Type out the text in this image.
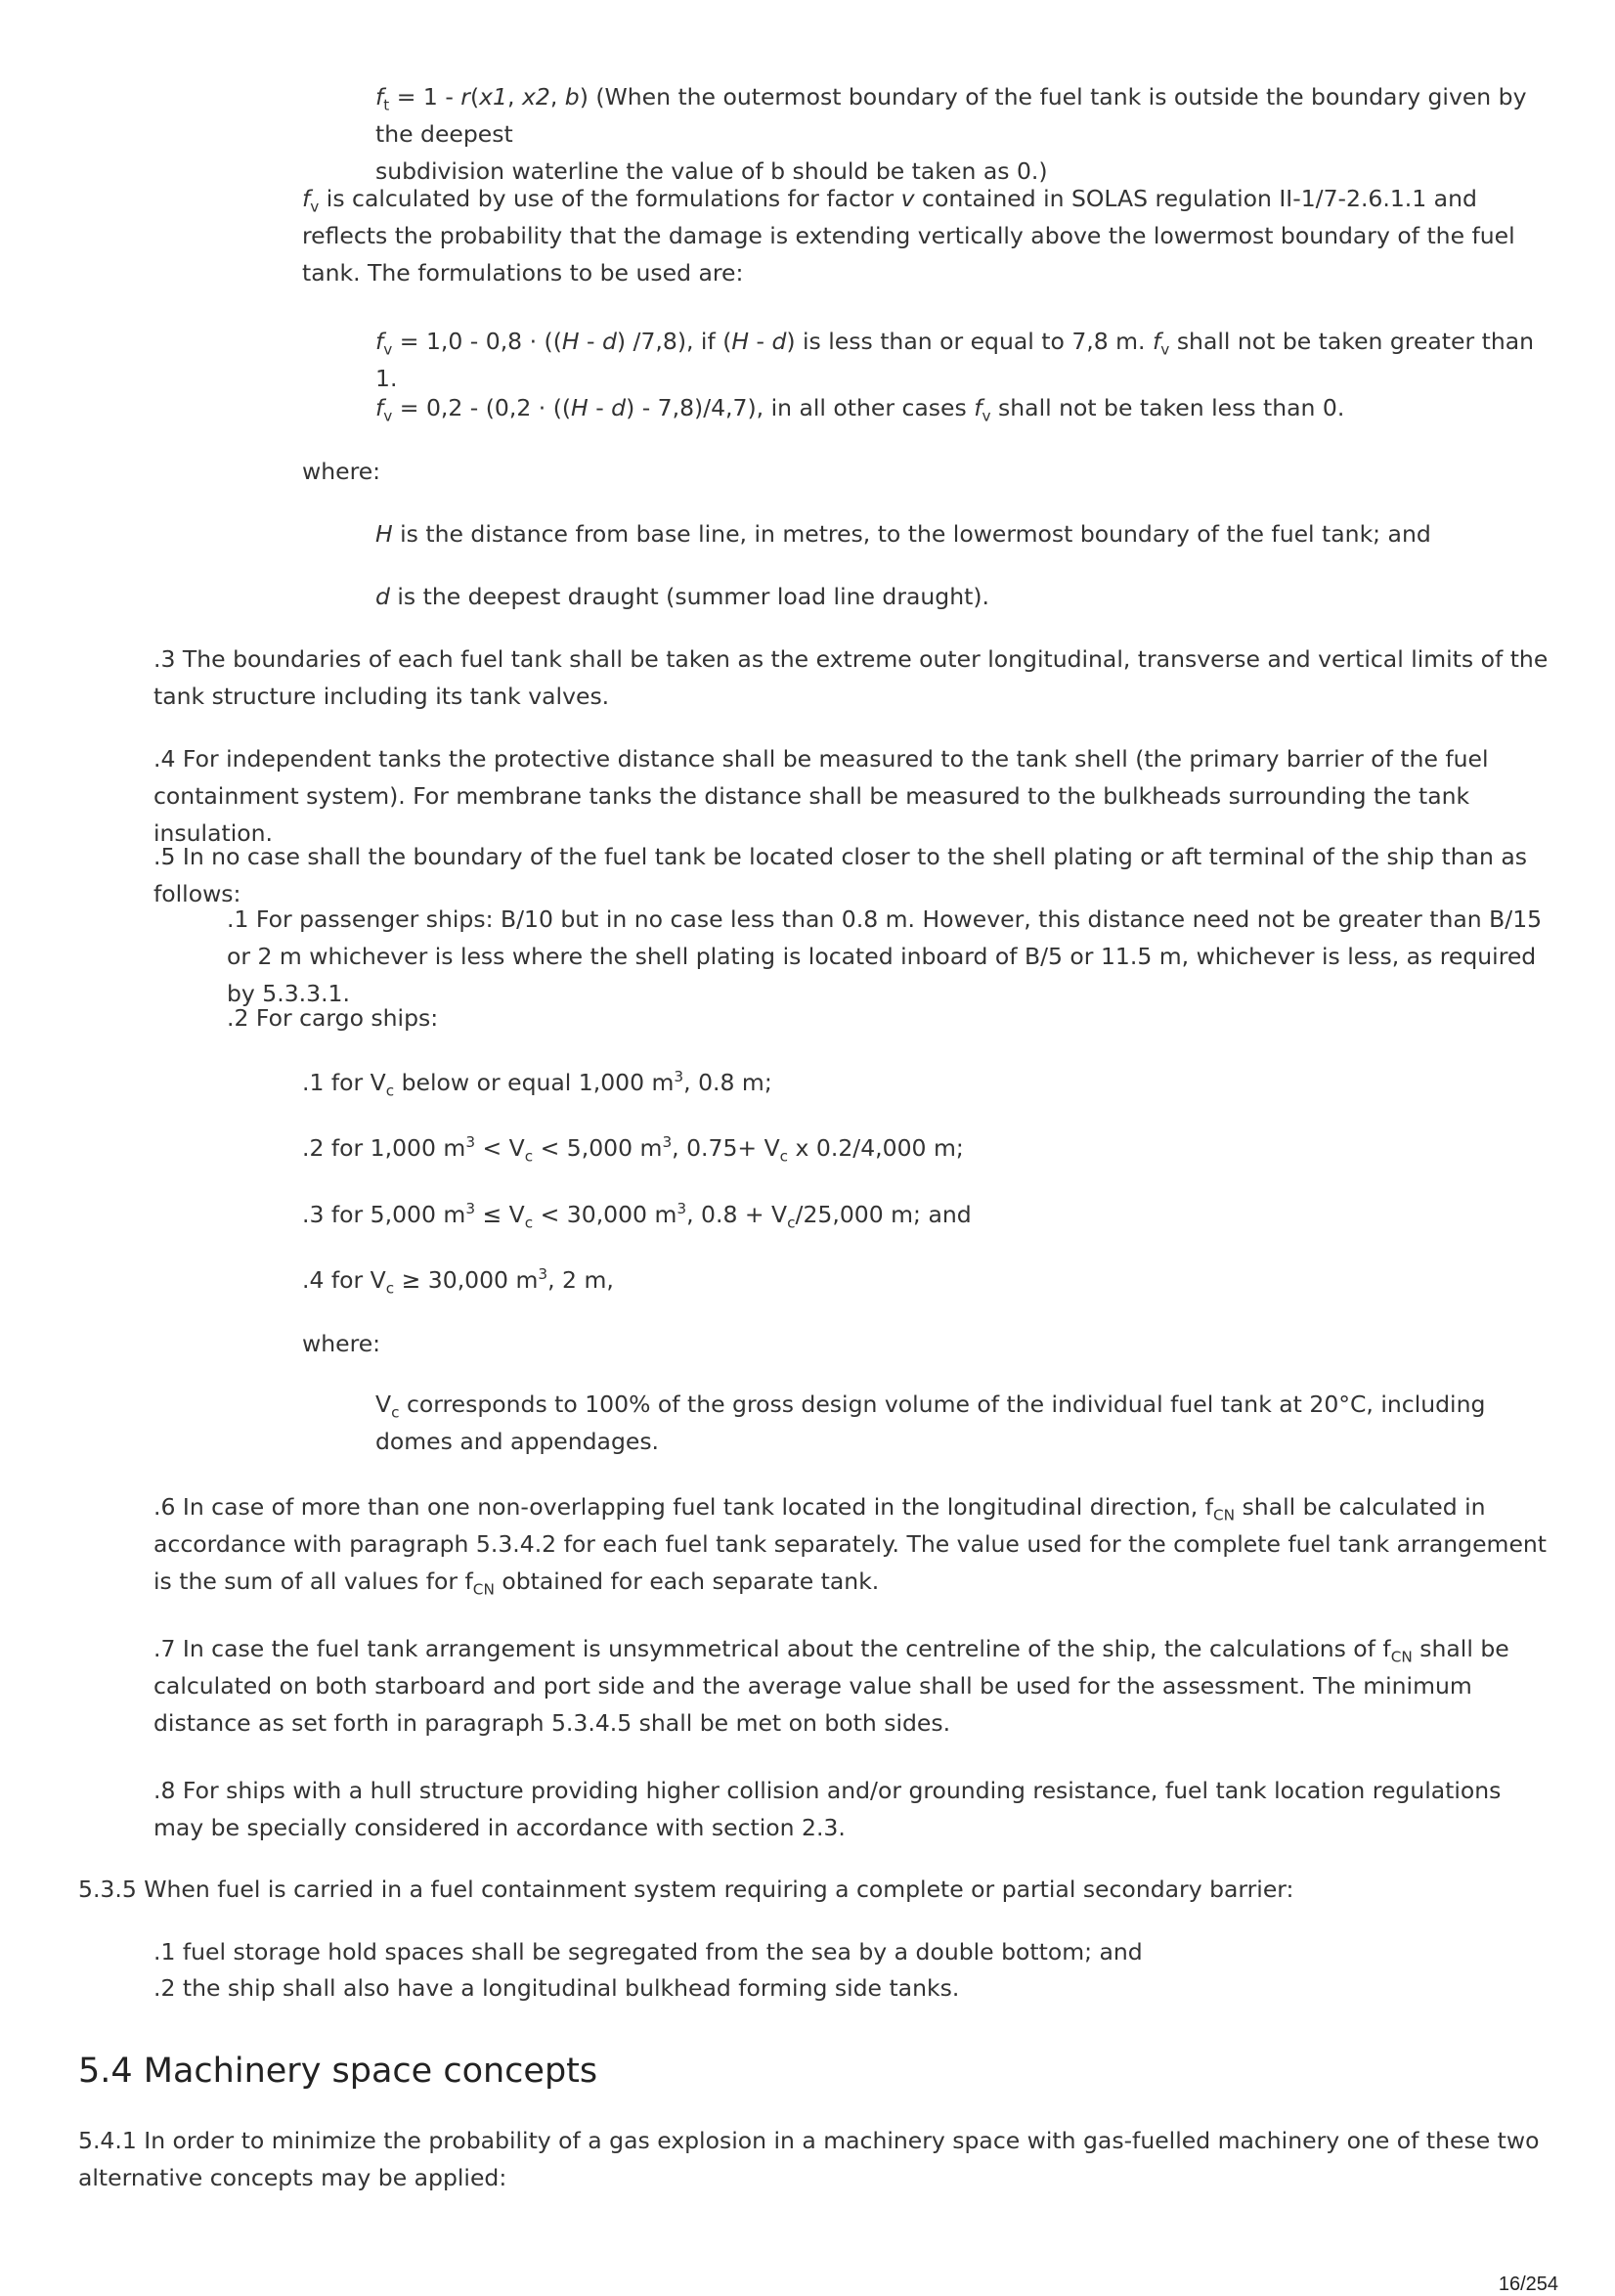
$f_t = 1 - r(x1$, x2, b) (When the outermost boundary of the fuel tank is outside the boundary given by the deepest
subdivision waterline the value of b should be taken as 0.)

$f_v$ is calculated by use of the formulations for factor v contained in SOLAS regulation II-1/7-2.6.1.1 and reflects the probability that the damage is extending vertically above the lowermost boundary of the fuel tank. The formulations to be used are:

$f_v = 1,0 - 0,8 \cdot ((H - d)$ /7,8), if (H - d) is less than or equal to 7,8 m. $f_v$ shall not be taken greater than 1.

$f_v = 0,2 - (0,2 \cdot ((H - d) - 7,8)/4,7)$, in all other cases $f_v$ shall not be taken less than 0.

where:

H is the distance from base line, in metres, to the lowermost boundary of the fuel tank; and

d is the deepest draught (summer load line draught).

.3 The boundaries of each fuel tank shall be taken as the extreme outer longitudinal, transverse and vertical limits of the tank structure including its tank valves.

.4 For independent tanks the protective distance shall be measured to the tank shell (the primary barrier of the fuel containment system). For membrane tanks the distance shall be measured to the bulkheads surrounding the tank insulation.

.5 In no case shall the boundary of the fuel tank be located closer to the shell plating or aft terminal of the ship than as follows:

.1 For passenger ships: B/10 but in no case less than 0.8 m. However, this distance need not be greater than B/15 or 2 m whichever is less where the shell plating is located inboard of B/5 or 11.5 m, whichever is less, as required by 5.3.3.1.

.2 For cargo ships:

.1 for $V_c$ below or equal 1,000 $m^3$, 0.8 m;

.2 for 1,000 $m^3 < V_c < 5,000$ $m^3$, $0.75+ V_c$ x 0.2/4,000 m;

.3 for 5,000 $m^3 \le V_c < 30,000$ $m^3$, $0.8 + V_c/25,000$ m; and

.4 for $V_c \ge 30,000$ $m^3$, 2 m,

where:

$V_c$ corresponds to 100% of the gross design volume of the individual fuel tank at 20°C, including domes and appendages.

.6 In case of more than one non-overlapping fuel tank located in the longitudinal direction, $f_{CN}$ shall be calculated in accordance with paragraph 5.3.4.2 for each fuel tank separately. The value used for the complete fuel tank arrangement is the sum of all values for $f_{CN}$ obtained for each separate tank.

.7 In case the fuel tank arrangement is unsymmetrical about the centreline of the ship, the calculations of $f_{CN}$ shall be calculated on both starboard and port side and the average value shall be used for the assessment. The minimum distance as set forth in paragraph 5.3.4.5 shall be met on both sides.

.8 For ships with a hull structure providing higher collision and/or grounding resistance, fuel tank location regulations may be specially considered in accordance with section 2.3.

5.3.5 When fuel is carried in a fuel containment system requiring a complete or partial secondary barrier:

.1 fuel storage hold spaces shall be segregated from the sea by a double bottom; and

.2 the ship shall also have a longitudinal bulkhead forming side tanks.

5.4 Machinery space concepts

5.4.1 In order to minimize the probability of a gas explosion in a machinery space with gas-fuelled machinery one of these two alternative concepts may be applied:

16/254
